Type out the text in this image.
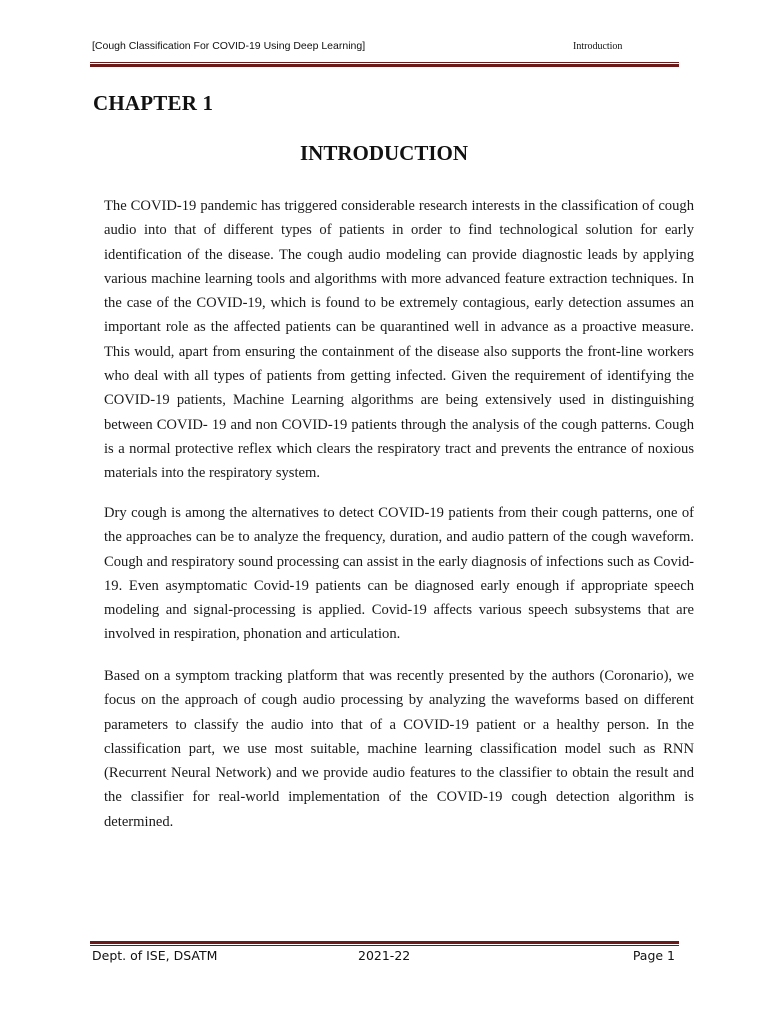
[Cough Classification For COVID-19 Using Deep Learning]	Introduction
CHAPTER 1
INTRODUCTION
The COVID-19 pandemic has triggered considerable research interests in the classification of cough audio into that of different types of patients in order to find technological solution for early identification of the disease. The cough audio modeling can provide diagnostic leads by applying various machine learning tools and algorithms with more advanced feature extraction techniques. In the case of the COVID-19, which is found to be extremely contagious, early detection assumes an important role as the affected patients can be quarantined well in advance as a proactive measure. This would, apart from ensuring the containment of the disease also supports the front-line workers who deal with all types of patients from getting infected. Given the requirement of identifying the COVID-19 patients, Machine Learning algorithms are being extensively used in distinguishing between COVID- 19 and non COVID-19 patients through the analysis of the cough patterns. Cough is a normal protective reflex which clears the respiratory tract and prevents the entrance of noxious materials into the respiratory system.
Dry cough is among the alternatives to detect COVID-19 patients from their cough patterns, one of the approaches can be to analyze the frequency, duration, and audio pattern of the cough waveform. Cough and respiratory sound processing can assist in the early diagnosis of infections such as Covid-19. Even asymptomatic Covid-19 patients can be diagnosed early enough if appropriate speech modeling and signal-processing is applied. Covid-19 affects various speech subsystems that are involved in respiration, phonation and articulation.
Based on a symptom tracking platform that was recently presented by the authors (Coronario), we focus on the approach of cough audio processing by analyzing the waveforms based on different parameters to classify the audio into that of a COVID-19 patient or a healthy person. In the classification part, we use most suitable, machine learning classification model such as RNN (Recurrent Neural Network) and we provide audio features to the classifier to obtain the result and the classifier for real-world implementation of the COVID-19 cough detection algorithm is determined.
Dept. of ISE, DSATM	2021-22	Page 1
